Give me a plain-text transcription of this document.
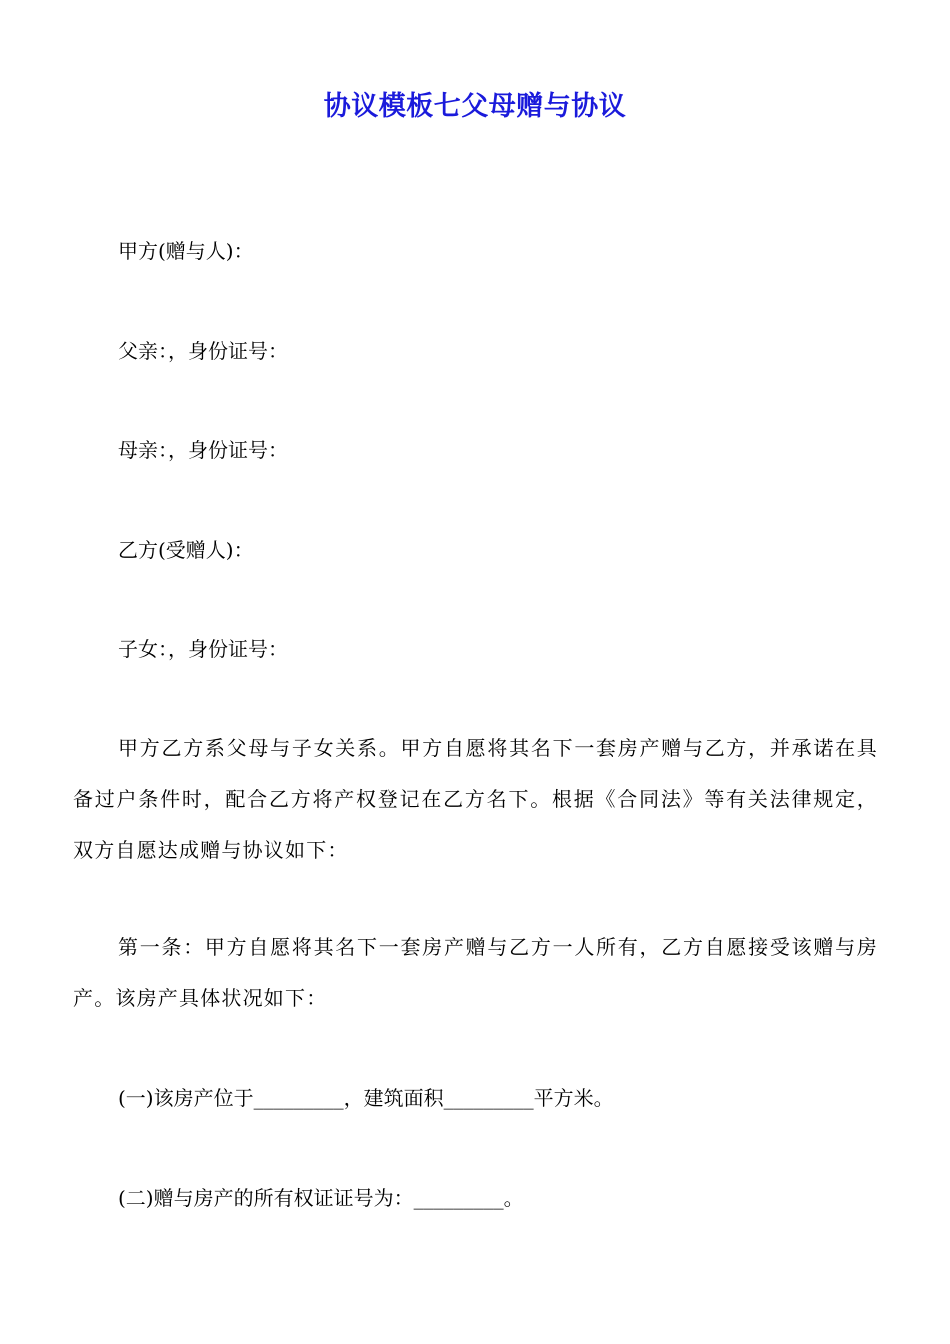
协议模板七父母赠与协议
甲方(赠与人)：
父亲：，身份证号：
母亲：，身份证号：
乙方(受赠人)：
子女：，身份证号：
甲方乙方系父母与子女关系。甲方自愿将其名下一套房产赠与乙方，并承诺在具备过户条件时，配合乙方将产权登记在乙方名下。根据《合同法》等有关法律规定，双方自愿达成赠与协议如下：
第一条：甲方自愿将其名下一套房产赠与乙方一人所有，乙方自愿接受该赠与房产。该房产具体状况如下：
(一)该房产位于_________，建筑面积_________平方米。
(二)赠与房产的所有权证证号为：_________。
